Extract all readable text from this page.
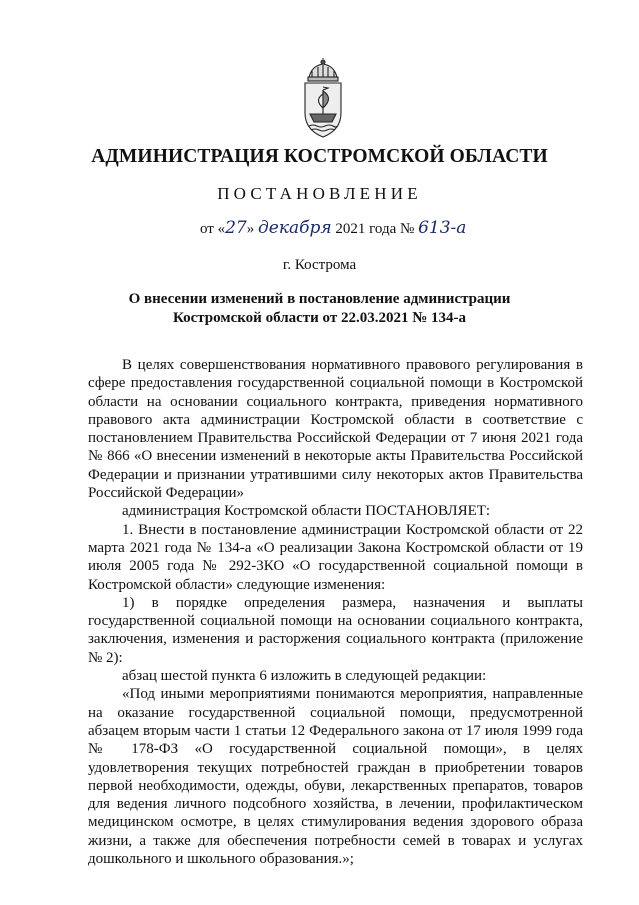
АДМИНИСТРАЦИЯ КОСТРОМСКОЙ ОБЛАСТИ
ПОСТАНОВЛЕНИЕ
от «27» декабря 2021 года № 613-а
г. Кострома
О внесении изменений в постановление администрации
Костромской области от 22.03.2021 № 134-а

В целях совершенствования нормативного правового регулирования в сфере предоставления государственной социальной помощи в Костромской области на основании социального контракта, приведения нормативного правового акта администрации Костромской области в соответствие с постановлением Правительства Российской Федерации от 7 июня 2021 года № 866 «О внесении изменений в некоторые акты Правительства Российской Федерации и признании утратившими силу некоторых актов Правительства Российской Федерации»

администрация Костромской области ПОСТАНОВЛЯЕТ:

1. Внести в постановление администрации Костромской области от 22 марта 2021 года № 134-а «О реализации Закона Костромской области от 19 июля 2005 года № 292-3КО «О государственной социальной помощи в Костромской области» следующие изменения:

1) в порядке определения размера, назначения и выплаты государственной социальной помощи на основании социального контракта, заключения, изменения и расторжения социального контракта (приложение № 2):

абзац шестой пункта 6 изложить в следующей редакции:

«Под иными мероприятиями понимаются мероприятия, направленные на оказание государственной социальной помощи, предусмотренной абзацем вторым части 1 статьи 12 Федерального закона от 17 июля 1999 года № 178-ФЗ «О государственной социальной помощи», в целях удовлетворения текущих потребностей граждан в приобретении товаров первой необходимости, одежды, обуви, лекарственных препаратов, товаров для ведения личного подсобного хозяйства, в лечении, профилактическом медицинском осмотре, в целях стимулирования ведения здорового образа жизни, а также для обеспечения потребности семей в товарах и услугах дошкольного и школьного образования.»;
